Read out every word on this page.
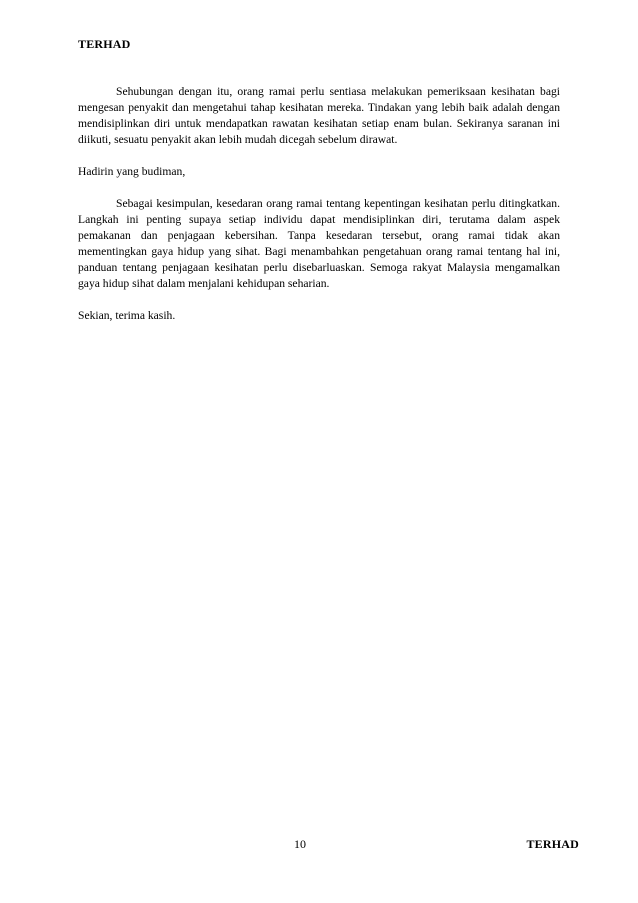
TERHAD

Sehubungan dengan itu, orang ramai perlu sentiasa melakukan pemeriksaan kesihatan bagi mengesan penyakit dan mengetahui tahap kesihatan mereka. Tindakan yang lebih baik adalah dengan mendisiplinkan diri untuk mendapatkan rawatan kesihatan setiap enam bulan. Sekiranya saranan ini diikuti, sesuatu penyakit akan lebih mudah dicegah sebelum dirawat.

Hadirin yang budiman,

Sebagai kesimpulan, kesedaran orang ramai tentang kepentingan kesihatan perlu ditingkatkan. Langkah ini penting supaya setiap individu dapat mendisiplinkan diri, terutama dalam aspek pemakanan dan penjagaan kebersihan. Tanpa kesedaran tersebut, orang ramai tidak akan mementingkan gaya hidup yang sihat. Bagi menambahkan pengetahuan orang ramai tentang hal ini, panduan tentang penjagaan kesihatan perlu disebarluaskan. Semoga rakyat Malaysia mengamalkan gaya hidup sihat dalam menjalani kehidupan seharian.

Sekian, terima kasih.

10	TERHAD
